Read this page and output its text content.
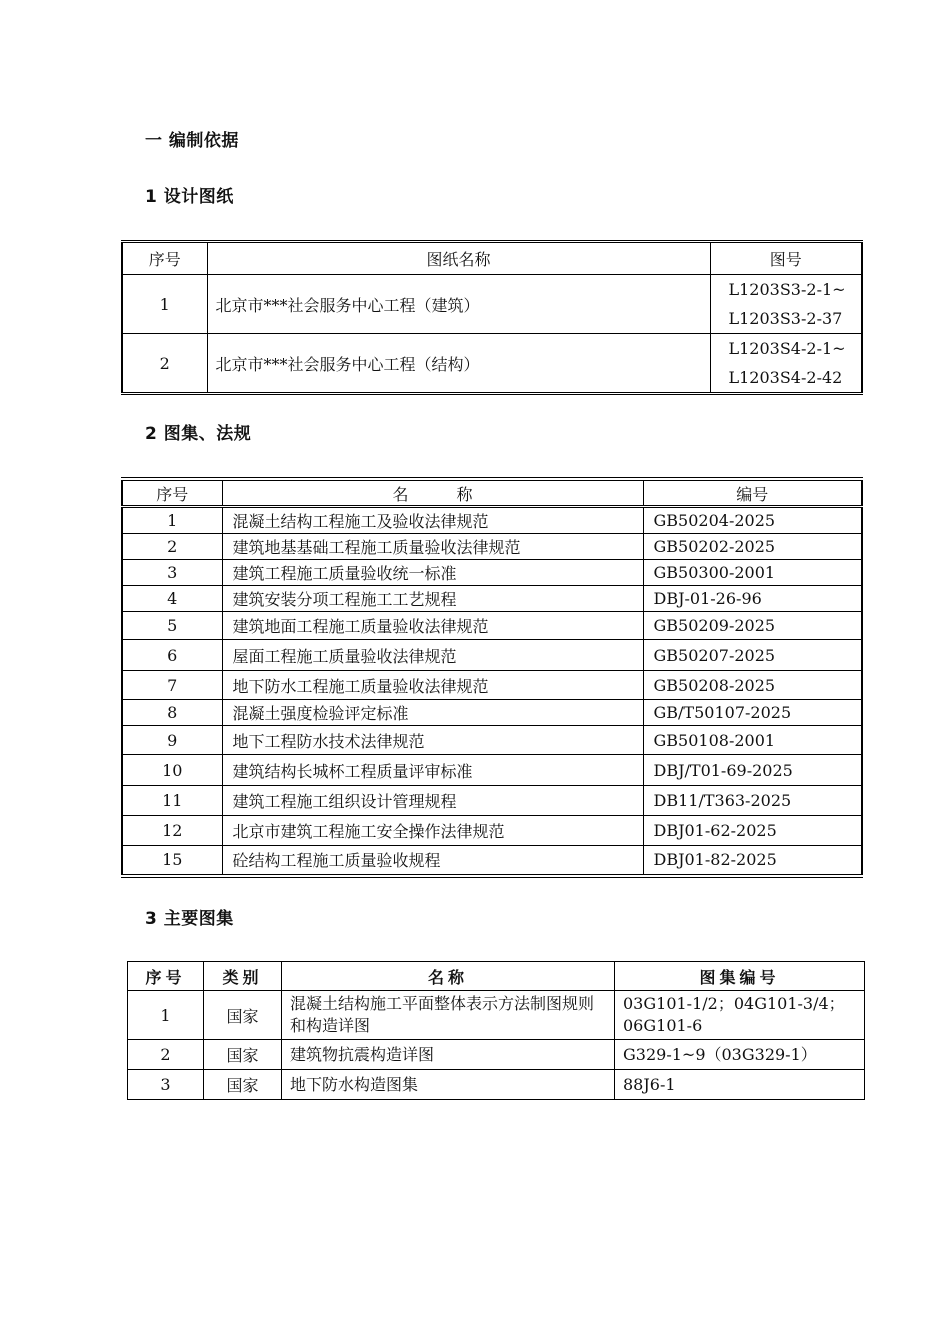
一 编制依据
1 设计图纸
序号	图纸名称	图号
1	北京市***社会服务中心工程（建筑）	L1203S3-2-1~
L1203S3-2-37

2	北京市***社会服务中心工程（结构）	L1203S4-2-1~
L1203S4-2-42
2 图集、法规
序号	名　　　称	编号
1	混凝土结构工程施工及验收法律规范	GB50204-2025
2	建筑地基基础工程施工质量验收法律规范	GB50202-2025
3	建筑工程施工质量验收统一标准	GB50300-2001
4	建筑安装分项工程施工工艺规程	DBJ-01-26-96
5	建筑地面工程施工质量验收法律规范	GB50209-2025
6	屋面工程施工质量验收法律规范	GB50207-2025
7	地下防水工程施工质量验收法律规范	GB50208-2025
8	混凝土强度检验评定标准	GB/T50107-2025
9	地下工程防水技术法律规范	GB50108-2001
10	建筑结构长城杯工程质量评审标准	DBJ/T01-69-2025
11	建筑工程施工组织设计管理规程	DB11/T363-2025
12	北京市建筑工程施工安全操作法律规范	DBJ01-62-2025
15	砼结构工程施工质量验收规程	DBJ01-82-2025
3 主要图集
序号	类别	名称	图集编号
1	国家	混凝土结构施工平面整体表示方法制图规则和构造详图	03G101-1/2；04G101-3/4；06G101-6
2	国家	建筑物抗震构造详图	G329-1~9（03G329-1）
3	国家	地下防水构造图集	88J6-1
